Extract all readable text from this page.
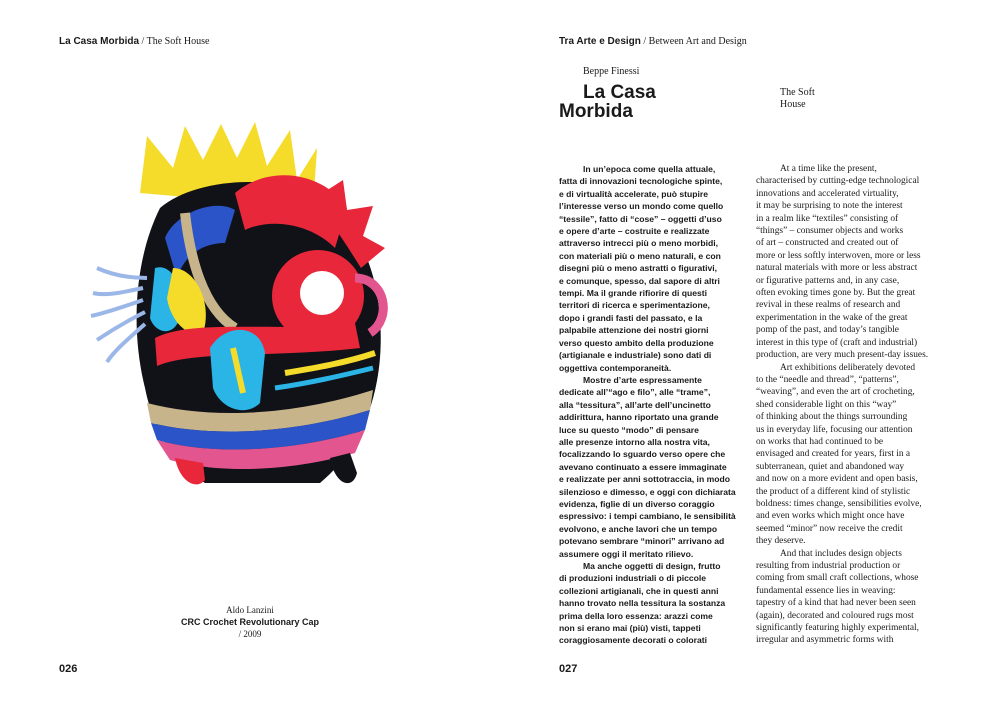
La Casa Morbida / The Soft House
Aldo Lanzini
CRC Crochet Revolutionary Cap
/ 2009
026
Tra Arte e Design / Between Art and Design
Beppe Finessi
La Casa
Morbida
The Soft
House
In un’epoca come quella attuale,
fatta di innovazioni tecnologiche spinte,
e di virtualità accelerate, può stupire
l’interesse verso un mondo come quello
“tessile”, fatto di “cose” – oggetti d’uso
e opere d’arte – costruite e realizzate
attraverso intrecci più o meno morbidi,
con materiali più o meno naturali, e con
disegni più o meno astratti o figurativi,
e comunque, spesso, dal sapore di altri
tempi. Ma il grande rifiorire di questi
territori di ricerca e sperimentazione,
dopo i grandi fasti del passato, e la
palpabile attenzione dei nostri giorni
verso questo ambito della produzione
(artigianale e industriale) sono dati di
oggettiva contemporaneità.
Mostre d’arte espressamente
dedicate all’“ago e filo”, alle “trame”,
alla “tessitura”, all’arte dell’uncinetto
addirittura, hanno riportato una grande
luce su questo “modo” di pensare
alle presenze intorno alla nostra vita,
focalizzando lo sguardo verso opere che
avevano continuato a essere immaginate
e realizzate per anni sottotraccia, in modo
silenzioso e dimesso, e oggi con dichiarata
evidenza, figlie di un diverso coraggio
espressivo: i tempi cambiano, le sensibilità
evolvono, e anche lavori che un tempo
potevano sembrare “minori” arrivano ad
assumere oggi il meritato rilievo.
Ma anche oggetti di design, frutto
di produzioni industriali o di piccole
collezioni artigianali, che in questi anni
hanno trovato nella tessitura la sostanza
prima della loro essenza: arazzi come
non si erano mai (più) visti, tappeti
coraggiosamente decorati o colorati
At a time like the present,
characterised by cutting-edge technological
innovations and accelerated virtuality,
it may be surprising to note the interest
in a realm like “textiles” consisting of
“things” – consumer objects and works
of art – constructed and created out of
more or less softly interwoven, more or less
natural materials with more or less abstract
or figurative patterns and, in any case,
often evoking times gone by. But the great
revival in these realms of research and
experimentation in the wake of the great
pomp of the past, and today’s tangible
interest in this type of (craft and industrial)
production, are very much present-day issues.
Art exhibitions deliberately devoted
to the “needle and thread”, “patterns”,
“weaving”, and even the art of crocheting,
shed considerable light on this “way”
of thinking about the things surrounding
us in everyday life, focusing our attention
on works that had continued to be
envisaged and created for years, first in a
subterranean, quiet and abandoned way
and now on a more evident and open basis,
the product of a different kind of stylistic
boldness: times change, sensibilities evolve,
and even works which might once have
seemed “minor” now receive the credit
they deserve.
And that includes design objects
resulting from industrial production or
coming from small craft collections, whose
fundamental essence lies in weaving:
tapestry of a kind that had never been seen
(again), decorated and coloured rugs most
significantly featuring highly experimental,
irregular and asymmetric forms with
027
